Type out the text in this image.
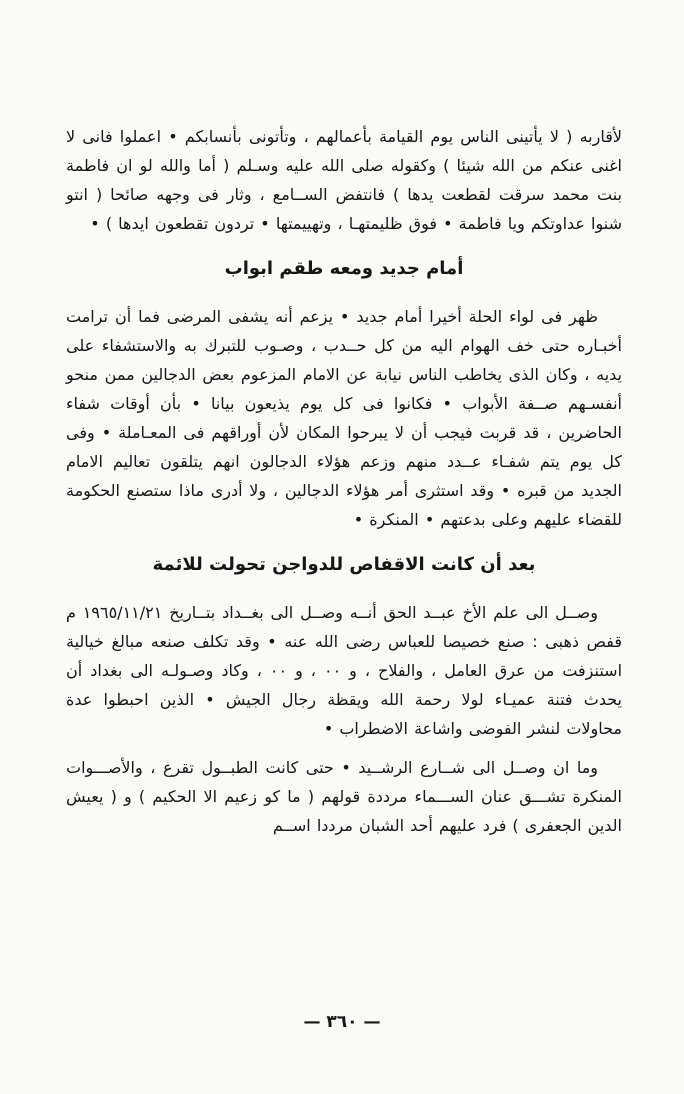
لأقاربه ( لا يأتينى الناس يوم القيامة بأعمالهم ، وتأتونى بأنسابكم • اعملوا فانى لا اغنى عنكم من الله شيئا ) وكقوله صلى الله عليه وسـلم ( أما والله لو ان فاطمة بنت محمد سرقت لقطعت يدها ) فانتفض الســامع ، وثار فى وجهه صائحا ( انتو شنوا عداوتكم ويا فاطمة • فوق ظليمتهـا ، وتهييمتها • تردون تقطعون ايدها ) •

أمام جديد ومعه طقم ابواب

ظهر فى لواء الحلة أخيرا أمام جديد • يزعم أنه يشفى المرضى فما أن ترامت أخبـاره حتى خف الهوام اليه من كل حــدب ، وصـوب للتبرك به والاستشفاء على يديه ، وكان الذى يخاطب الناس نيابة عن الامام المزعوم بعض الدجالين ممن منحو أنفسـهم صــفة الأبواب • فكانوا فى كل يوم يذيعون بيانا • بأن أوقات شفاء الحاضرين ، قد قربت فيجب أن لا يبرحوا المكان لأن أوراقهم فى المعـاملة • وفى كل يوم يتم شفـاء عــدد منهم وزعم هؤلاء الدجالون انهم يتلقون تعاليم الامام الجديد من قبره • وقد استثرى أمر هؤلاء الدجالين ، ولا أدرى ماذا ستصنع الحكومة للقضاء عليهم وعلى بدعتهم • المنكرة •

بعد أن كانت الاقفاص للدواجن تحولت للائمة

وصــل الى علم الأخ عبــد الحق أنــه وصــل الى بغــداد بتــاريخ ١٩٦٥/١١/٢١ م قفص ذهبى : صنع خصيصا للعباس رضى الله عنه • وقد تكلف صنعه مبالغ خيالية استنزفت من عرق العامل ، والفلاح ، و ٠٠ ، و ٠٠ ، وكاد وصـولـه الى بغداد أن يحدث فتنة عميـاء لولا رحمة الله ويقظة رجال الجيش • الذين احبطوا عدة محاولات لنشر الفوضى واشاعة الاضطراب •

وما ان وصــل الى شــارع الرشــيد • حتى كانت الطبــول تقرع ، والأصـــوات المنكرة تشـــق عنان الســـماء مرددة قولهم ( ما كو زعيم الا الحكيم ) و ( يعيش الدين الجعفرى ) فرد عليهم أحد الشبان مرددا اســم

— ٣٦٠ —
